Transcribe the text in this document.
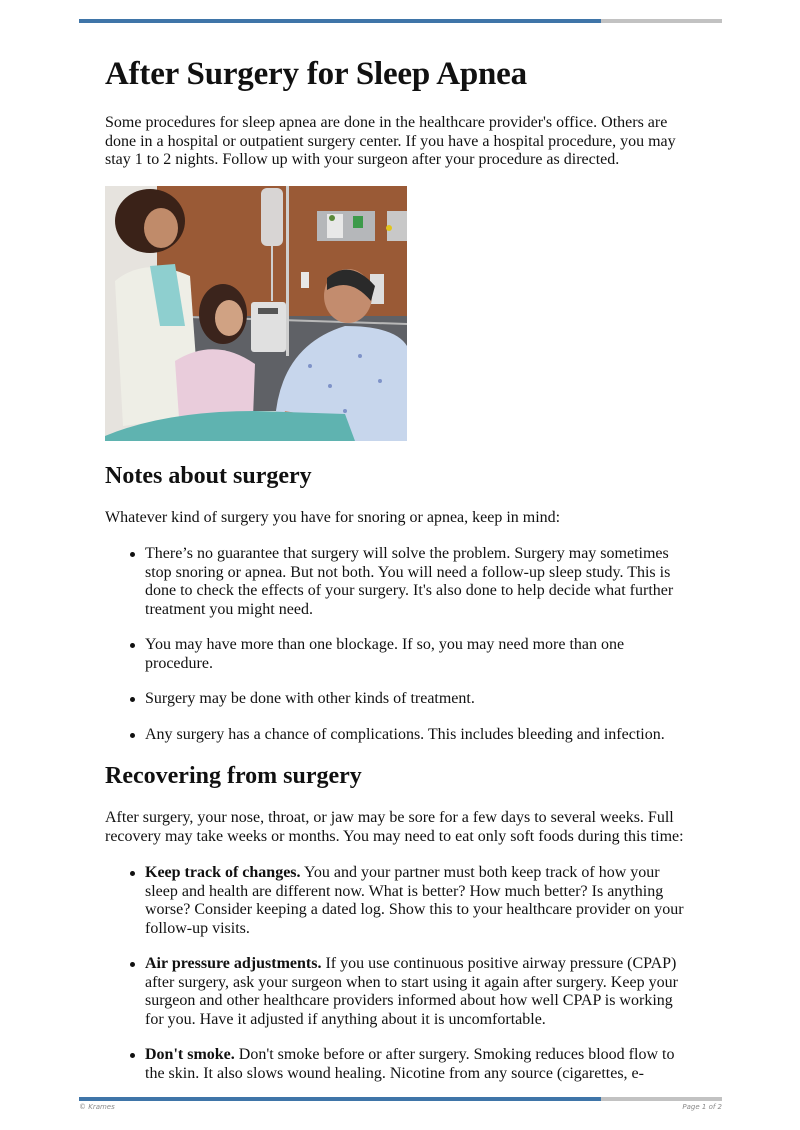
After Surgery for Sleep Apnea

Some procedures for sleep apnea are done in the healthcare provider's office. Others are done in a hospital or outpatient surgery center. If you have a hospital procedure, you may stay 1 to 2 nights. Follow up with your surgeon after your procedure as directed.

Notes about surgery

Whatever kind of surgery you have for snoring or apnea, keep in mind:

There’s no guarantee that surgery will solve the problem. Surgery may sometimes stop snoring or apnea. But not both. You will need a follow-up sleep study. This is done to check the effects of your surgery. It's also done to help decide what further treatment you might need.
You may have more than one blockage. If so, you may need more than one procedure.
Surgery may be done with other kinds of treatment.
Any surgery has a chance of complications. This includes bleeding and infection.
Recovering from surgery

After surgery, your nose, throat, or jaw may be sore for a few days to several weeks. Full recovery may take weeks or months. You may need to eat only soft foods during this time:

Keep track of changes. You and your partner must both keep track of how your sleep and health are different now. What is better? How much better? Is anything worse? Consider keeping a dated log. Show this to your healthcare provider on your follow-up visits.
Air pressure adjustments. If you use continuous positive airway pressure (CPAP) after surgery, ask your surgeon when to start using it again after surgery. Keep your surgeon and other healthcare providers informed about how well CPAP is working for you. Have it adjusted if anything about it is uncomfortable.
Don't smoke. Don't smoke before or after surgery. Smoking reduces blood flow to the skin. It also slows wound healing. Nicotine from any source (cigarettes, e-
© Krames	Page 1 of 2
